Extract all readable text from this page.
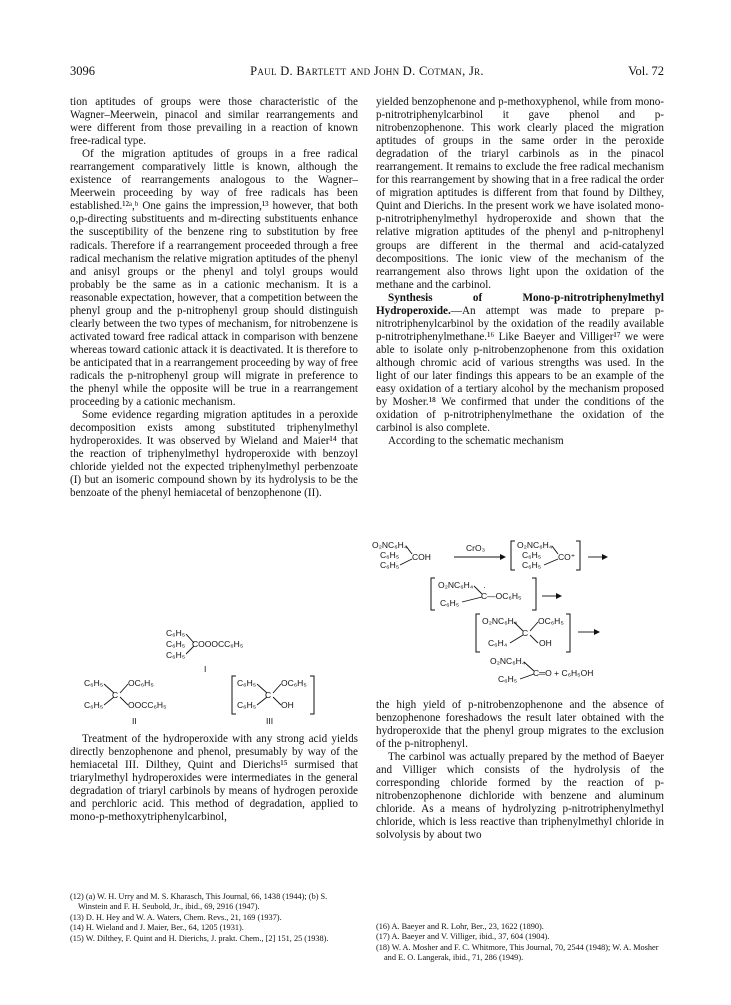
3096	Paul D. Bartlett and John D. Cotman, Jr.	Vol. 72

tion aptitudes of groups were those characteristic of the Wagner–Meerwein, pinacol and similar rearrangements and were different from those prevailing in a reaction of known free-radical type.

Of the migration aptitudes of groups in a free radical rearrangement comparatively little is known, although the existence of rearrangements analogous to the Wagner–Meerwein proceeding by way of free radicals has been established.¹²ᵃ,ᵇ One gains the impression,¹³ however, that both o,p-directing substituents and m-directing substituents enhance the susceptibility of the benzene ring to substitution by free radicals. Therefore if a rearrangement proceeded through a free radical mechanism the relative migration aptitudes of the phenyl and anisyl groups or the phenyl and tolyl groups would probably be the same as in a cationic mechanism. It is a reasonable expectation, however, that a competition between the phenyl group and the p-nitrophenyl group should distinguish clearly between the two types of mechanism, for nitrobenzene is activated toward free radical attack in comparison with benzene whereas toward cationic attack it is deactivated. It is therefore to be anticipated that in a rearrangement proceeding by way of free radicals the p-nitrophenyl group will migrate in preference to the phenyl while the opposite will be true in a rearrangement proceeding by a cationic mechanism.

Some evidence regarding migration aptitudes in a peroxide decomposition exists among substituted triphenylmethyl hydroperoxides. It was observed by Wieland and Maier¹⁴ that the reaction of triphenylmethyl hydroperoxide with benzoyl chloride yielded not the expected triphenylmethyl perbenzoate (I) but an isomeric compound shown by its hydrolysis to be the benzoate of the phenyl hemiacetal of benzophenone (II).

C₆H₅
C₆H₅
C₆H₅
COOOCC₆H₅
I
C₆H₅
C₆H₅
C
OC₆H₅
OOCC₆H₅
II
C₆H₅
C₆H₅
C
OC₆H₅
OH
III

Treatment of the hydroperoxide with any strong acid yields directly benzophenone and phenol, presumably by way of the hemiacetal III. Dilthey, Quint and Dierichs¹⁵ surmised that triarylmethyl hydroperoxides were intermediates in the general degradation of triaryl carbinols by means of hydrogen peroxide and perchloric acid. This method of degradation, applied to mono-p-methoxytriphenylcarbinol,

(12) (a) W. H. Urry and M. S. Kharasch, This Journal, 66, 1438 (1944); (b) S. Winstein and F. H. Seubold, Jr., ibid., 69, 2916 (1947).

(13) D. H. Hey and W. A. Waters, Chem. Revs., 21, 169 (1937).

(14) H. Wieland and J. Maier, Ber., 64, 1205 (1931).

(15) W. Dilthey, F. Quint and H. Dierichs, J. prakt. Chem., [2] 151, 25 (1938).

yielded benzophenone and p-methoxyphenol, while from mono-p-nitrotriphenylcarbinol it gave phenol and p-nitrobenzophenone. This work clearly placed the migration aptitudes of groups in the same order in the peroxide degradation of the triaryl carbinols as in the pinacol rearrangement. It remains to exclude the free radical mechanism for this rearrangement by showing that in a free radical the order of migration aptitudes is different from that found by Dilthey, Quint and Dierichs. In the present work we have isolated mono-p-nitrotriphenylmethyl hydroperoxide and shown that the relative migration aptitudes of the phenyl and p-nitrophenyl groups are different in the thermal and acid-catalyzed decompositions. The ionic view of the mechanism of the rearrangement also throws light upon the oxidation of the methane and the carbinol.

Synthesis of Mono-p-nitrotriphenylmethyl Hydroperoxide.—An attempt was made to prepare p-nitrotriphenylcarbinol by the oxidation of the readily available p-nitrotriphenylmethane.¹⁶ Like Baeyer and Villiger¹⁷ we were able to isolate only p-nitrobenzophenone from this oxidation although chromic acid of various strengths was used. In the light of our later findings this appears to be an example of the easy oxidation of a tertiary alcohol by the mechanism proposed by Mosher.¹⁸ We confirmed that under the conditions of the oxidation of p-nitrotriphenylmethane the oxidation of the carbinol is also complete.

According to the schematic mechanism

O₂NC₆H₄
C₆H₅
C₆H₅
COH
CrO₃	O₂NC₆H₄
C₆H₅
C₆H₅
CO⁺
O₂NC₆H₄
C₆H₅
C—OC₆H₅
·
O₂NC₆H₄
C₆H₄
C
OC₆H₅
OH
O₂NC₆H₄
C₆H₅
C═O + C₆H₅OH

the high yield of p-nitrobenzophenone and the absence of benzophenone foreshadows the result later obtained with the hydroperoxide that the phenyl group migrates to the exclusion of the p-nitrophenyl.

The carbinol was actually prepared by the method of Baeyer and Villiger which consists of the hydrolysis of the corresponding chloride formed by the reaction of p-nitrobenzophenone dichloride with benzene and aluminum chloride. As a means of hydrolyzing p-nitrotriphenylmethyl chloride, which is less reactive than triphenylmethyl chloride in solvolysis by about two

(16) A. Baeyer and R. Lohr, Ber., 23, 1622 (1890).

(17) A. Baeyer and V. Villiger, ibid., 37, 604 (1904).

(18) W. A. Mosher and F. C. Whitmore, This Journal, 70, 2544 (1948); W. A. Mosher and E. O. Langerak, ibid., 71, 286 (1949).
